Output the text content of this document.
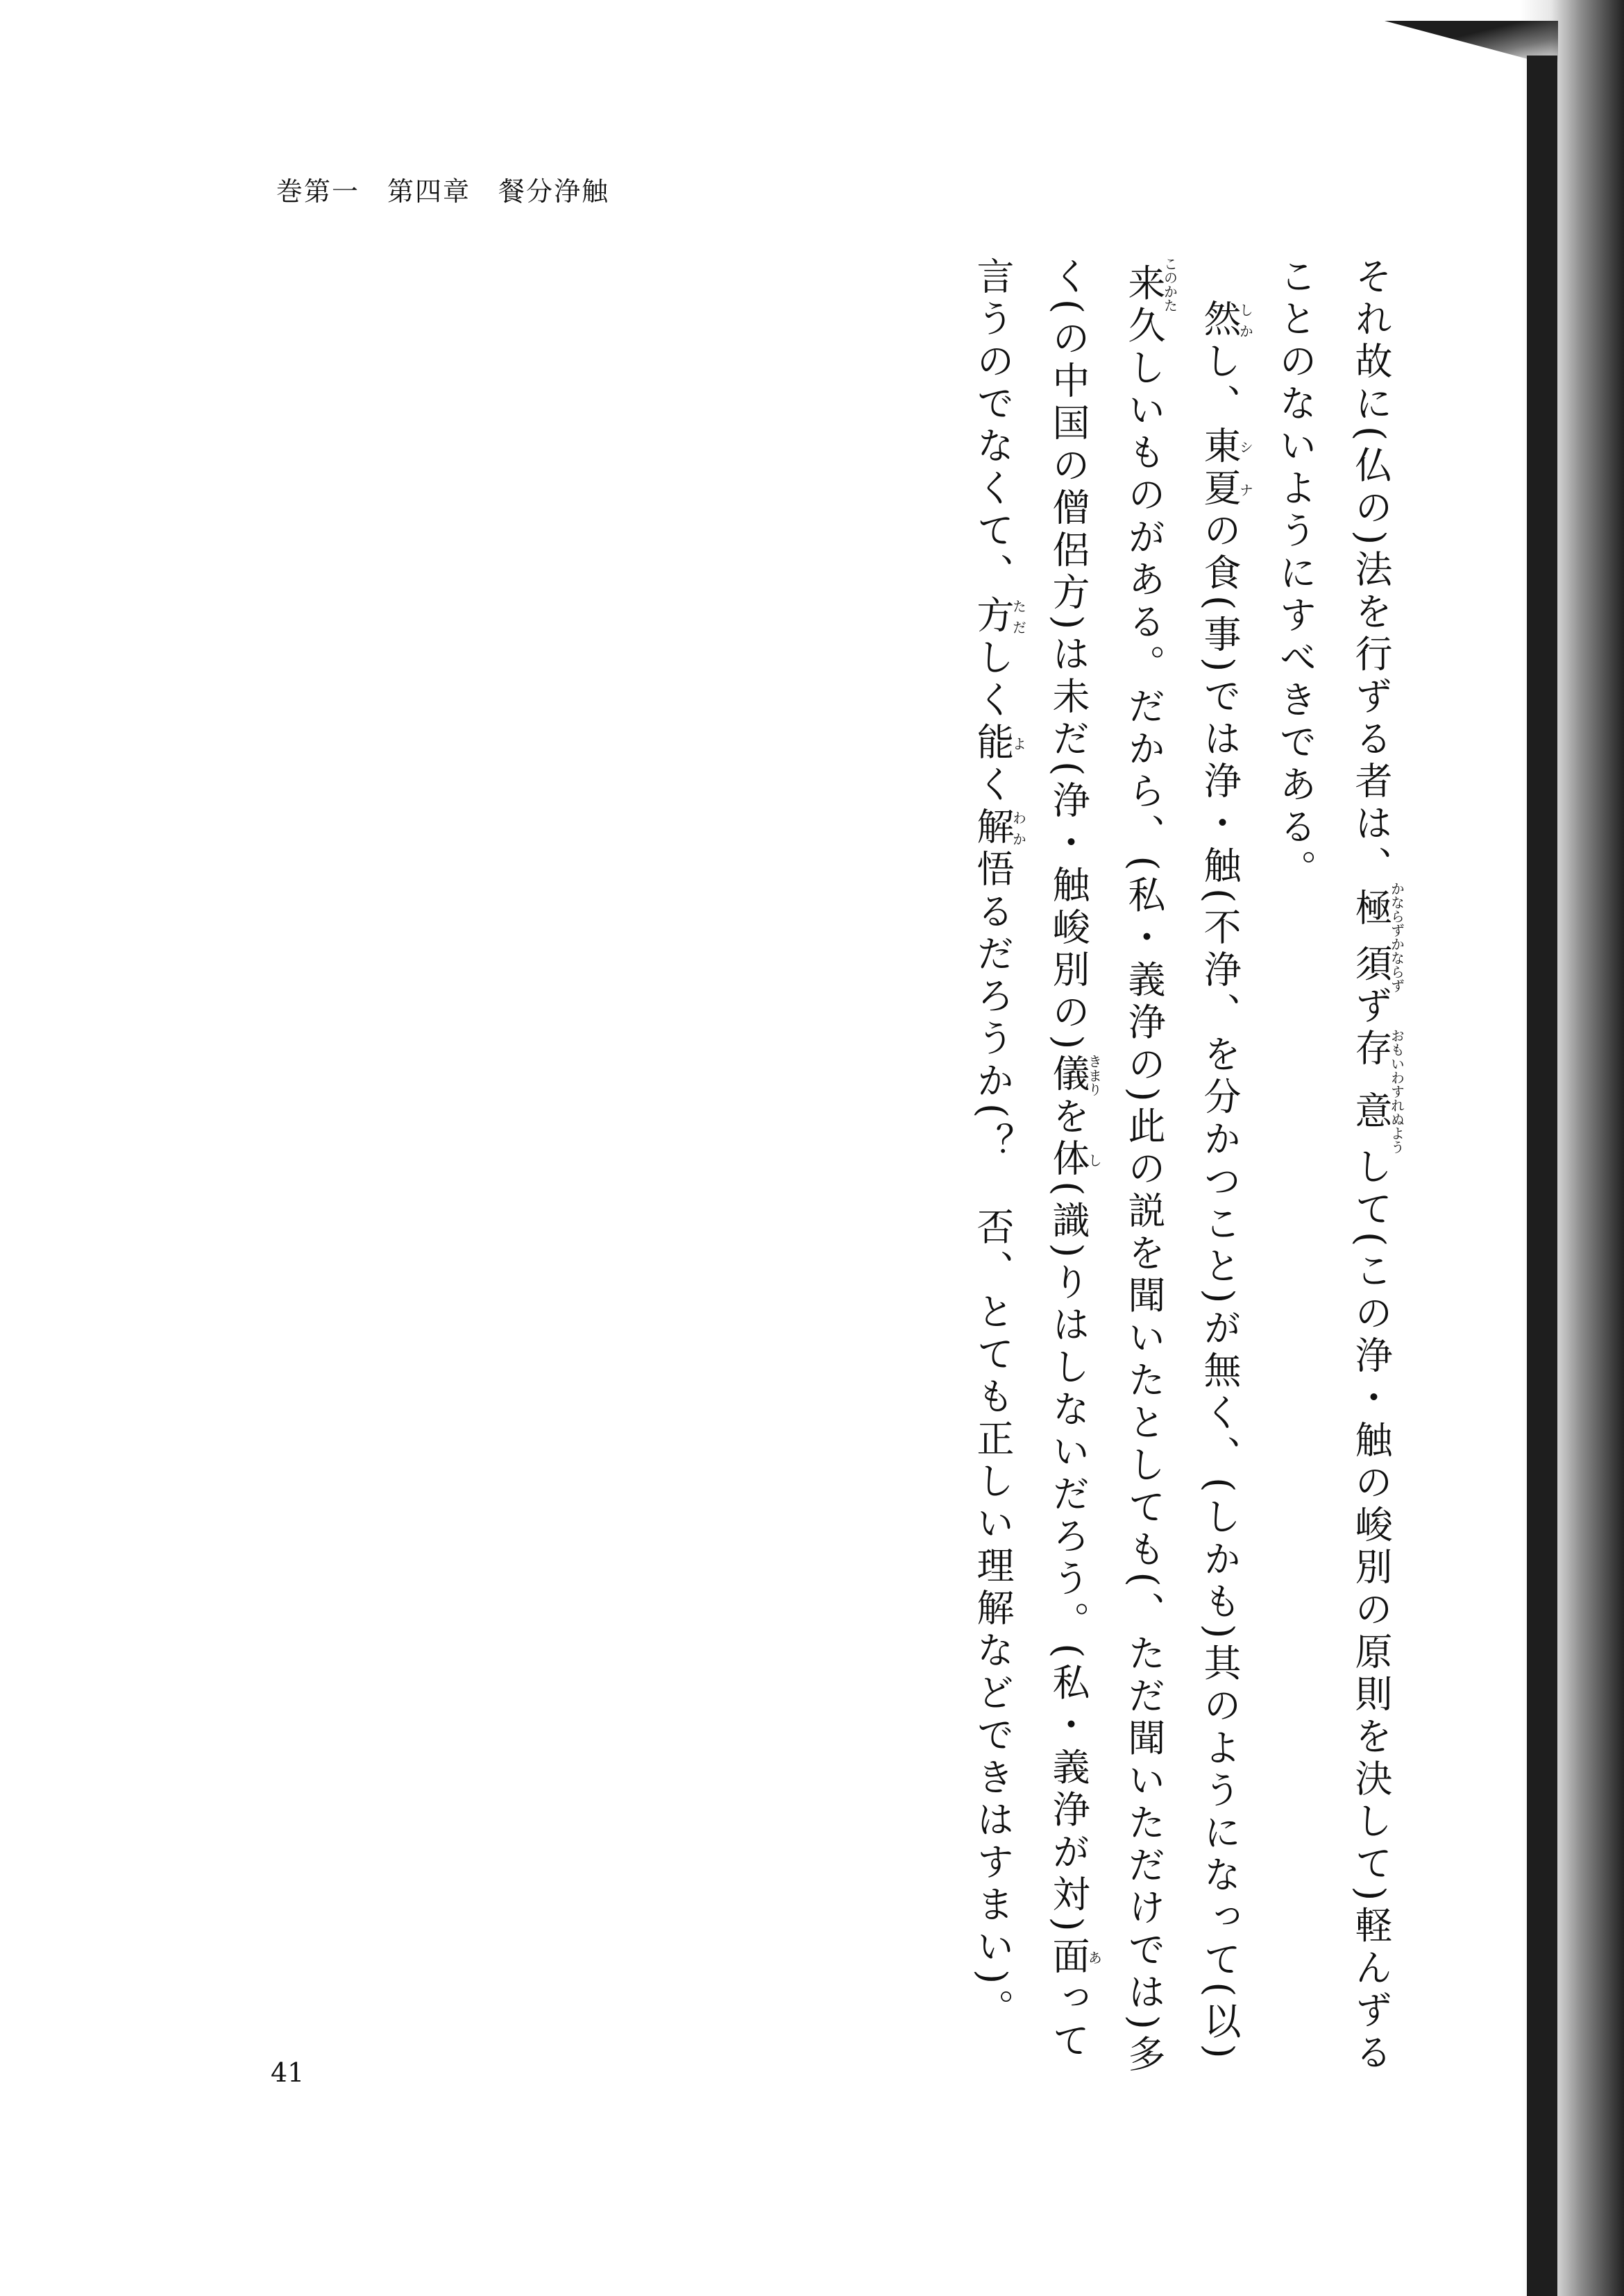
巻第一　第四章　餐分浄触

それ故に(仏の)法を行ずる者は、極かならず須かならずず存おもい意わすれぬようして(この浄・触の峻別の原則を決して)軽んずることのないようにすべきである。

　然しかし、東夏シナの食(事)では浄・触(不浄、を分かつこと)が無く、(しかも)其のようになって(以)来このかた久しいものがある。だから、(私・義浄の)此の説を聞いたとしても(、ただ聞いただけでは)多く(の中国の僧侶方)は未だ(浄・触峻別の)儀きまりを体し(識)りはしないだろう。(私・義浄が対)面あって言うのでなくて、方ただしく能よく解わか悟るだろうか(？　否、とても正しい理解などできはすまい)。

41
